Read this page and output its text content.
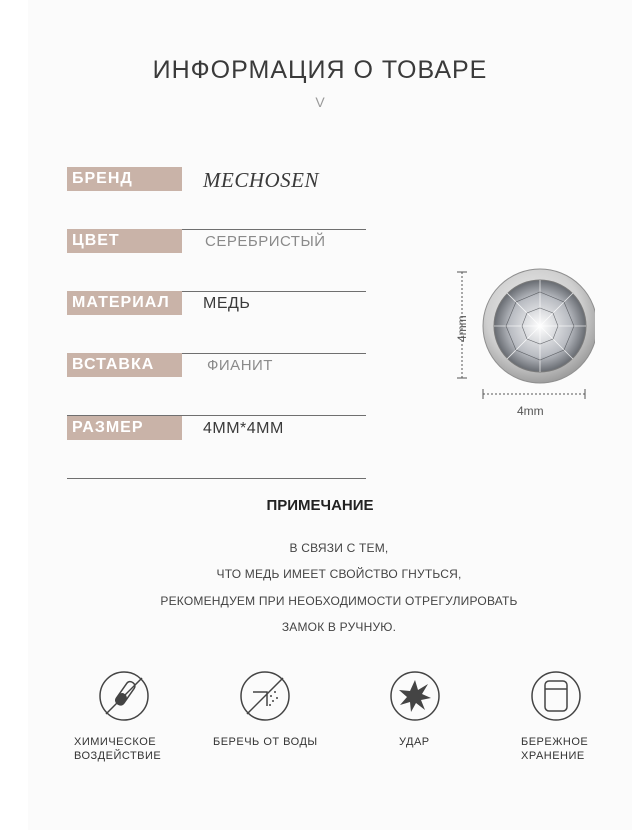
ИНФОРМАЦИЯ О ТОВАРЕ
V
БРЕНД	MECHOSEN
ЦВЕТ	СЕРЕБРИСТЫЙ
МАТЕРИАЛ	МЕДЬ
ВСТАВКА	ФИАНИТ
РАЗМЕР	4MM*4MM
4mm
4mm
ПРИМЕЧАНИЕ
В СВЯЗИ С ТЕМ,
ЧТО МЕДЬ ИМЕЕТ СВОЙСТВО ГНУТЬСЯ,
РЕКОМЕНДУЕМ ПРИ НЕОБХОДИМОСТИ ОТРЕГУЛИРОВАТЬ
ЗАМОК В РУЧНУЮ.
ХИМИЧЕСКОЕ
ВОЗДЕЙСТВИЕ
БЕРЕЧЬ ОТ ВОДЫ	УДАР	БЕРЕЖНОЕ
ХРАНЕНИЕ
